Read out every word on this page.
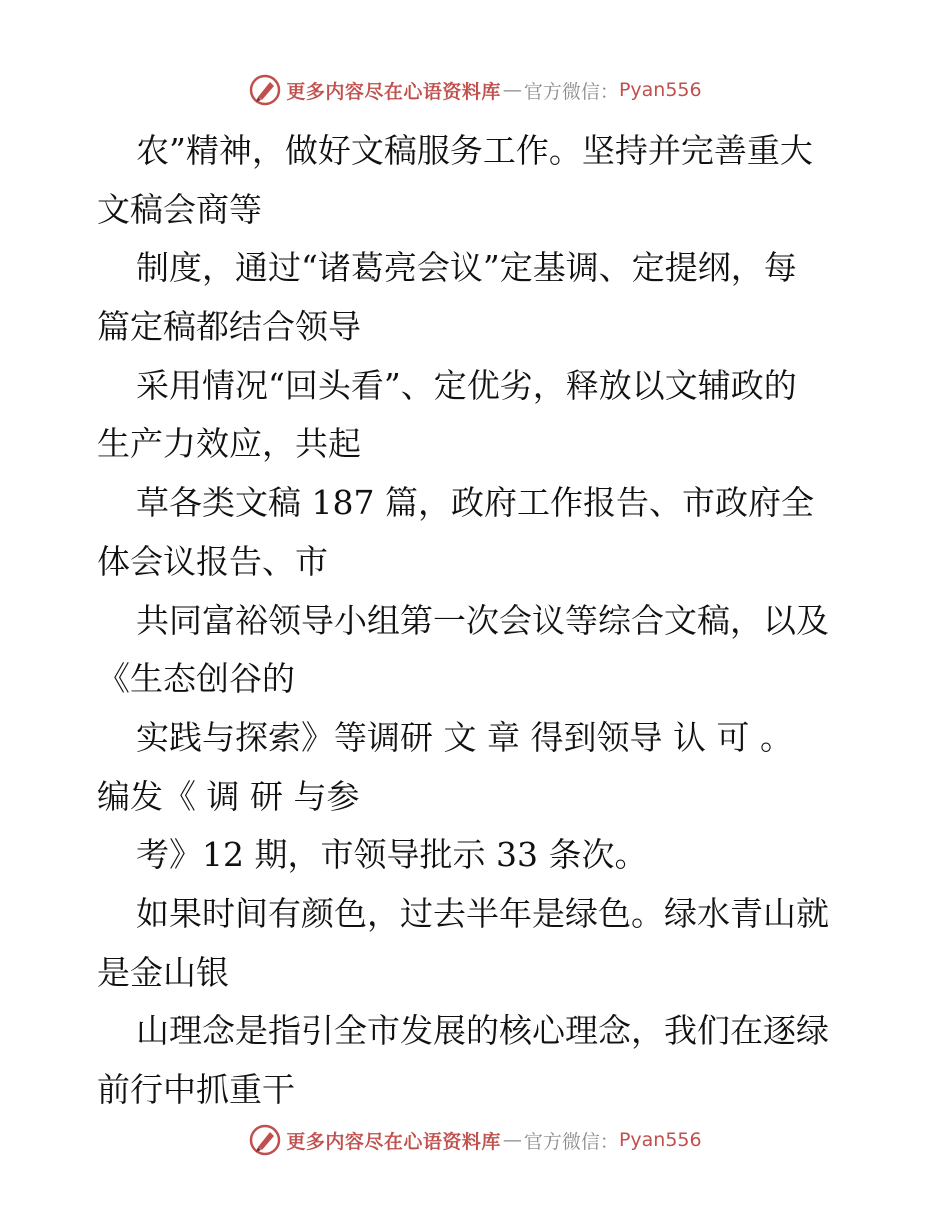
更多内容尽在心语资料库 — 官方微信： Pyan556
农”精神，做好文稿服务工作。坚持并完善重大
文稿会商等
制度，通过“诸葛亮会议”定基调、定提纲，每
篇定稿都结合领导
采用情况“回头看”、定优劣，释放以文辅政的
生产力效应，共起
草各类文稿 187 篇，政府工作报告、市政府全
体会议报告、市
共同富裕领导小组第一次会议等综合文稿，以及
《生态创谷的
实践与探索》等调研 文 章 得到领导 认 可 。
编发《 调 研 与参
考》12 期，市领导批示 33 条次。
如果时间有颜色，过去半年是绿色。绿水青山就
是金山银
山理念是指引全市发展的核心理念，我们在逐绿
前行中抓重干
更多内容尽在心语资料库 — 官方微信： Pyan556
